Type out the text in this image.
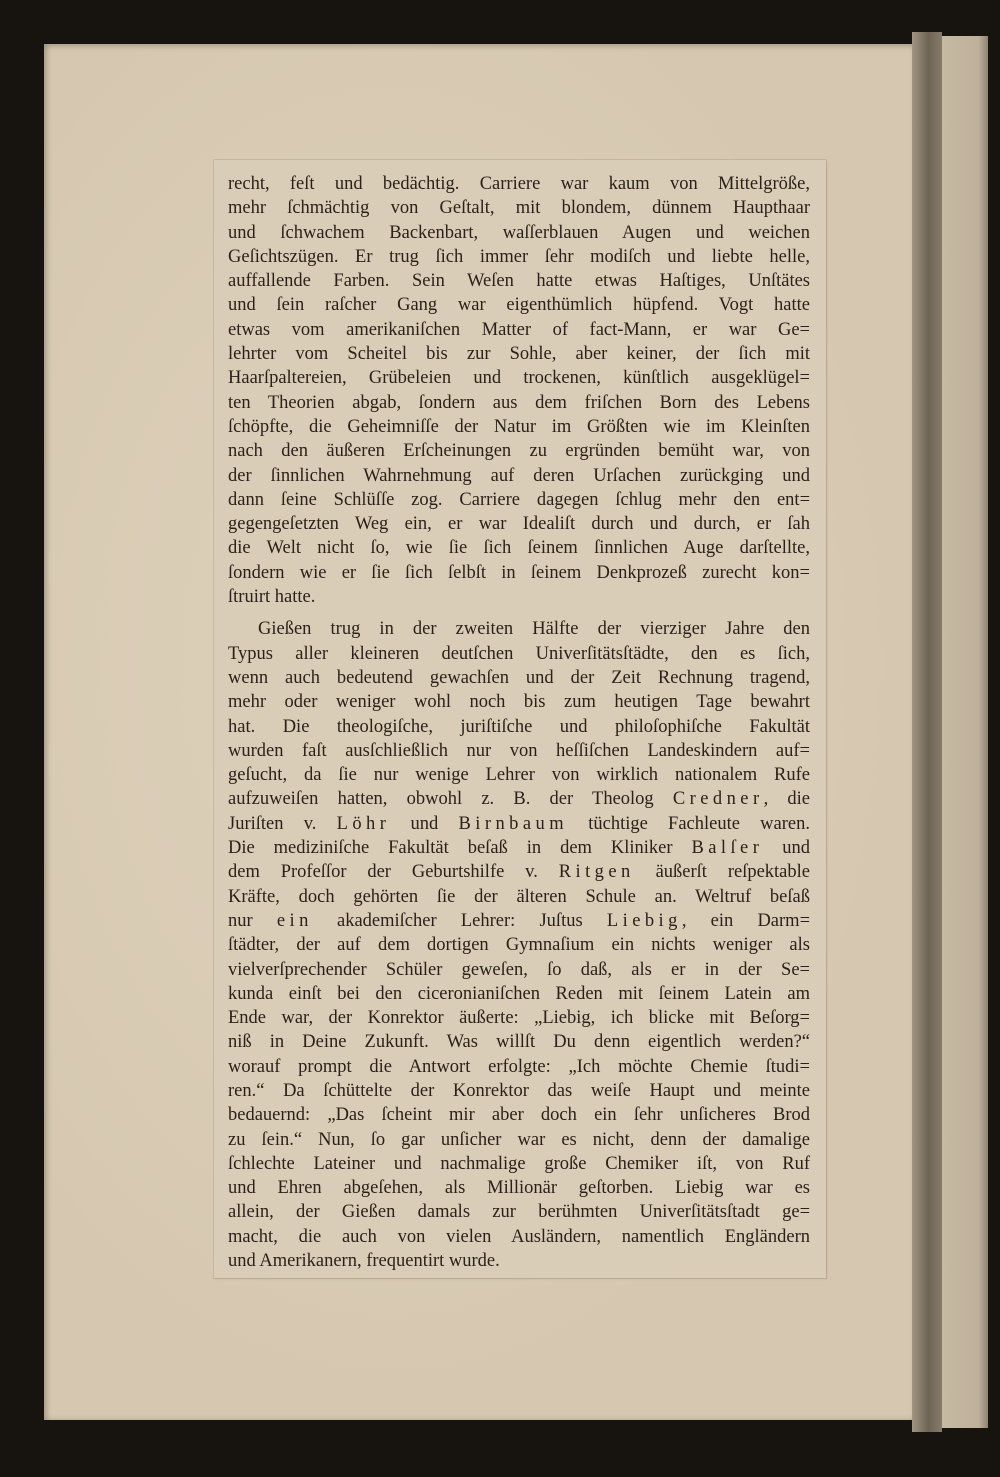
recht, feſt und bedächtig. Carriere war kaum von Mittelgröße,
mehr ſchmächtig von Geſtalt, mit blondem, dünnem Haupthaar
und ſchwachem Backenbart, waſſerblauen Augen und weichen
Geſichtszügen. Er trug ſich immer ſehr modiſch und liebte helle,
auffallende Farben. Sein Weſen hatte etwas Haſtiges, Unſtätes
und ſein raſcher Gang war eigenthümlich hüpfend. Vogt hatte
etwas vom amerikaniſchen Matter of fact-Mann, er war Ge=
lehrter vom Scheitel bis zur Sohle, aber keiner, der ſich mit
Haarſpaltereien, Grübeleien und trockenen, künſtlich ausgeklügel=
ten Theorien abgab, ſondern aus dem friſchen Born des Lebens
ſchöpfte, die Geheimniſſe der Natur im Größten wie im Kleinſten
nach den äußeren Erſcheinungen zu ergründen bemüht war, von
der ſinnlichen Wahrnehmung auf deren Urſachen zurückging und
dann ſeine Schlüſſe zog. Carriere dagegen ſchlug mehr den ent=
gegengeſetzten Weg ein, er war Idealiſt durch und durch, er ſah
die Welt nicht ſo, wie ſie ſich ſeinem ſinnlichen Auge darſtellte,
ſondern wie er ſie ſich ſelbſt in ſeinem Denkprozeß zurecht kon=
ſtruirt hatte.
Gießen trug in der zweiten Hälfte der vierziger Jahre den
Typus aller kleineren deutſchen Univerſitätsſtädte, den es ſich,
wenn auch bedeutend gewachſen und der Zeit Rechnung tragend,
mehr oder weniger wohl noch bis zum heutigen Tage bewahrt
hat. Die theologiſche, juriſtiſche und philoſophiſche Fakultät
wurden faſt ausſchließlich nur von heſſiſchen Landeskindern auf=
geſucht, da ſie nur wenige Lehrer von wirklich nationalem Rufe
aufzuweiſen hatten, obwohl z. B. der Theolog Credner, die
Juriſten v. Löhr und Birnbaum tüchtige Fachleute waren.
Die mediziniſche Fakultät beſaß in dem Kliniker Balſer und
dem Profeſſor der Geburtshilfe v. Ritgen äußerſt reſpektable
Kräfte, doch gehörten ſie der älteren Schule an. Weltruf beſaß
nur ein akademiſcher Lehrer: Juſtus Liebig, ein Darm=
ſtädter, der auf dem dortigen Gymnaſium ein nichts weniger als
vielverſprechender Schüler geweſen, ſo daß, als er in der Se=
kunda einſt bei den ciceronianiſchen Reden mit ſeinem Latein am
Ende war, der Konrektor äußerte: „Liebig, ich blicke mit Beſorg=
niß in Deine Zukunft. Was willſt Du denn eigentlich werden?“
worauf prompt die Antwort erfolgte: „Ich möchte Chemie ſtudi=
ren.“ Da ſchüttelte der Konrektor das weiſe Haupt und meinte
bedauernd: „Das ſcheint mir aber doch ein ſehr unſicheres Brod
zu ſein.“ Nun, ſo gar unſicher war es nicht, denn der damalige
ſchlechte Lateiner und nachmalige große Chemiker iſt, von Ruf
und Ehren abgeſehen, als Millionär geſtorben. Liebig war es
allein, der Gießen damals zur berühmten Univerſitätsſtadt ge=
macht, die auch von vielen Ausländern, namentlich Engländern
und Amerikanern, frequentirt wurde.
